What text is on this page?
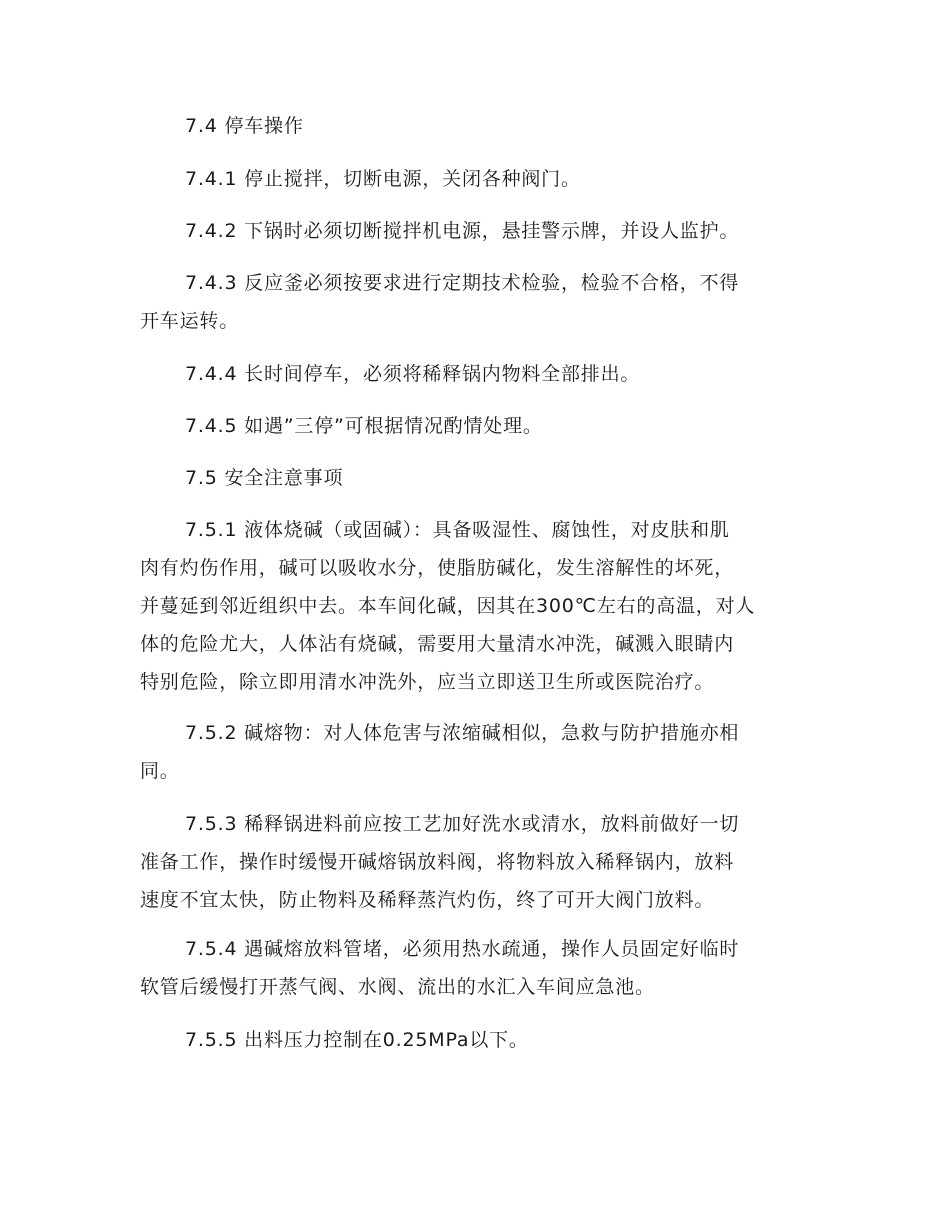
7.4 停车操作

7.4.1 停止搅拌，切断电源，关闭各种阀门。

7.4.2 下锅时必须切断搅拌机电源，悬挂警示牌，并设人监护。

7.4.3 反应釜必须按要求进行定期技术检验，检验不合格，不得
开车运转。

7.4.4 长时间停车，必须将稀释锅内物料全部排出。

7.4.5 如遇”三停”可根据情况酌情处理。

7.5 安全注意事项

7.5.1 液体烧碱（或固碱）：具备吸湿性、腐蚀性，对皮肤和肌
肉有灼伤作用，碱可以吸收水分，使脂肪碱化，发生溶解性的坏死，
并蔓延到邻近组织中去。本车间化碱，因其在300℃左右的高温，对人
体的危险尤大，人体沾有烧碱，需要用大量清水冲洗，碱溅入眼睛内
特别危险，除立即用清水冲洗外，应当立即送卫生所或医院治疗。

7.5.2 碱熔物：对人体危害与浓缩碱相似，急救与防护措施亦相
同。

7.5.3 稀释锅进料前应按工艺加好洗水或清水，放料前做好一切
准备工作，操作时缓慢开碱熔锅放料阀，将物料放入稀释锅内，放料
速度不宜太快，防止物料及稀释蒸汽灼伤，终了可开大阀门放料。

7.5.4 遇碱熔放料管堵，必须用热水疏通，操作人员固定好临时
软管后缓慢打开蒸气阀、水阀、流出的水汇入车间应急池。

7.5.5 出料压力控制在0.25MPa以下。
